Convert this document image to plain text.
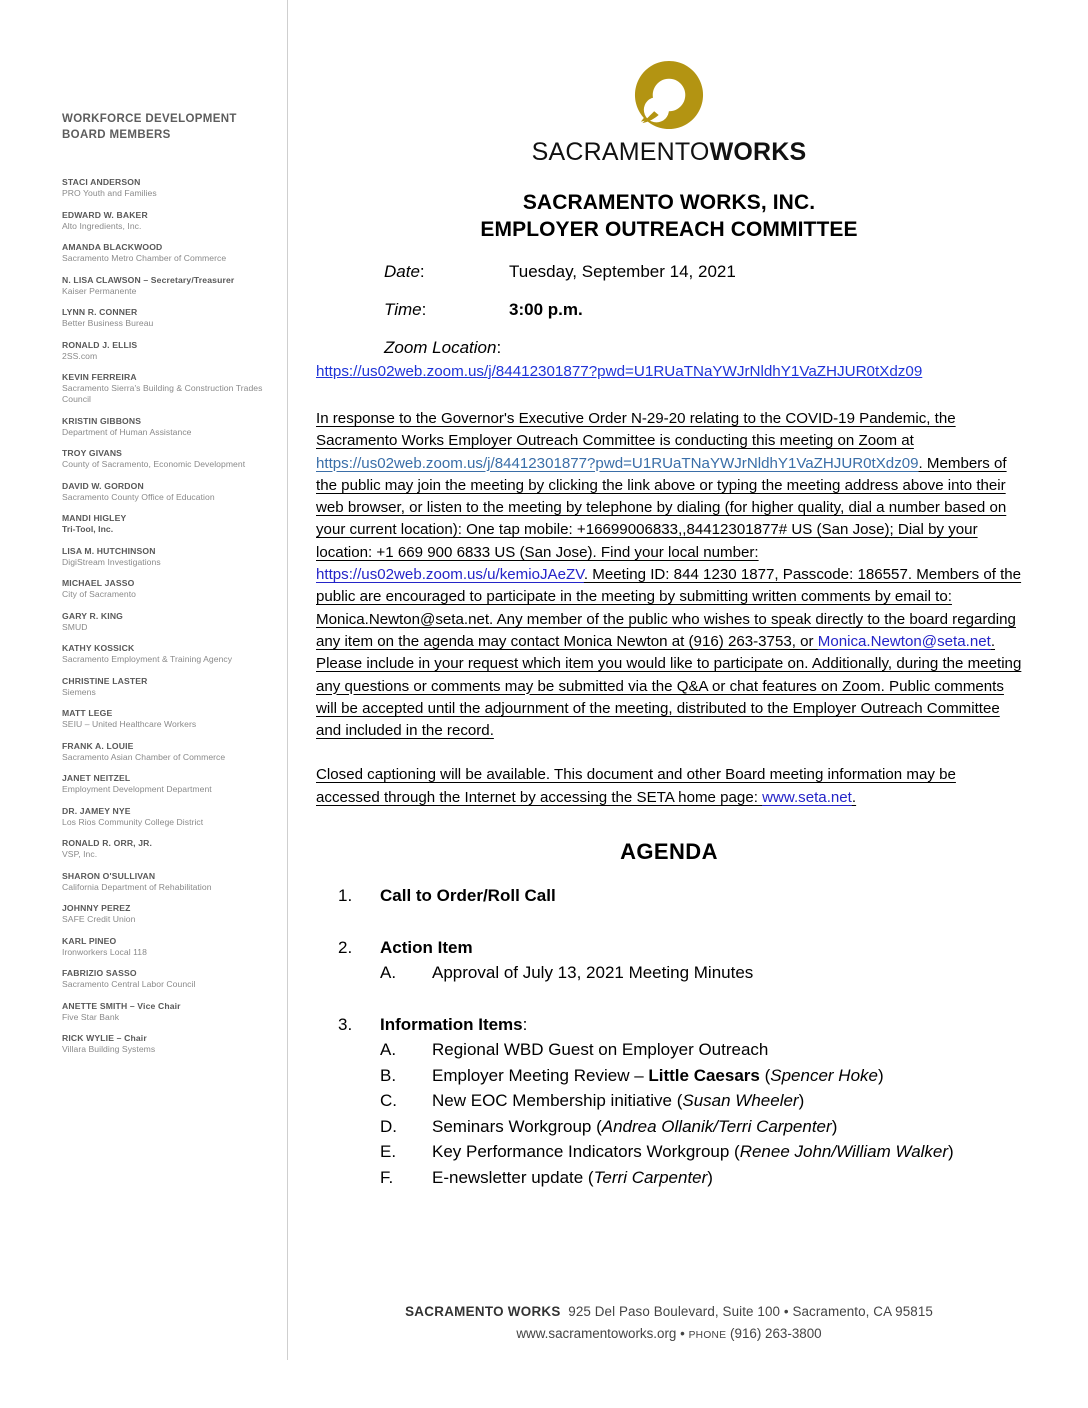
WORKFORCE DEVELOPMENT BOARD MEMBERS
STACI ANDERSON
PRO Youth and Families
EDWARD W. BAKER
Alto Ingredients, Inc.
AMANDA BLACKWOOD
Sacramento Metro Chamber of Commerce
N. LISA CLAWSON – Secretary/Treasurer
Kaiser Permanente
LYNN R. CONNER
Better Business Bureau
RONALD J. ELLIS
2SS.com
KEVIN FERREIRA
Sacramento Sierra's Building & Construction Trades Council
KRISTIN GIBBONS
Department of Human Assistance
TROY GIVANS
County of Sacramento, Economic Development
DAVID W. GORDON
Sacramento County Office of Education
MANDI HIGLEY
Tri-Tool, Inc.
LISA M. HUTCHINSON
DigiStream Investigations
MICHAEL JASSO
City of Sacramento
GARY R. KING
SMUD
KATHY KOSSICK
Sacramento Employment & Training Agency
CHRISTINE LASTER
Siemens
MATT LEGE
SEIU – United Healthcare Workers
FRANK A. LOUIE
Sacramento Asian Chamber of Commerce
JANET NEITZEL
Employment Development Department
DR. JAMEY NYE
Los Rios Community College District
RONALD R. ORR, JR.
VSP, Inc.
SHARON O'SULLIVAN
California Department of Rehabilitation
JOHNNY PEREZ
SAFE Credit Union
KARL PINEO
Ironworkers Local 118
FABRIZIO SASSO
Sacramento Central Labor Council
ANETTE SMITH – Vice Chair
Five Star Bank
RICK WYLIE – Chair
Villara Building Systems
SACRAMENTOWORKS
SACRAMENTO WORKS, INC.
EMPLOYER OUTREACH COMMITTEE
Date:	Tuesday, September 14, 2021
Time:	3:00 p.m.
Zoom Location:
https://us02web.zoom.us/j/84412301877?pwd=U1RUaTNaYWJrNldhY1VaZHJUR0tXdz09
In response to the Governor's Executive Order N-29-20 relating to the COVID-19 Pandemic, the Sacramento Works Employer Outreach Committee is conducting this meeting on Zoom at https://us02web.zoom.us/j/84412301877?pwd=U1RUaTNaYWJrNldhY1VaZHJUR0tXdz09. Members of the public may join the meeting by clicking the link above or typing the meeting address above into their web browser, or listen to the meeting by telephone by dialing (for higher quality, dial a number based on your current location): One tap mobile: +16699006833,,84412301877# US (San Jose); Dial by your location: +1 669 900 6833 US (San Jose). Find your local number: https://us02web.zoom.us/u/kemioJAeZV. Meeting ID: 844 1230 1877, Passcode: 186557. Members of the public are encouraged to participate in the meeting by submitting written comments by email to: Monica.Newton@seta.net. Any member of the public who wishes to speak directly to the board regarding any item on the agenda may contact Monica Newton at (916) 263-3753, or Monica.Newton@seta.net. Please include in your request which item you would like to participate on. Additionally, during the meeting any questions or comments may be submitted via the Q&A or chat features on Zoom. Public comments will be accepted until the adjournment of the meeting, distributed to the Employer Outreach Committee and included in the record.
Closed captioning will be available. This document and other Board meeting information may be accessed through the Internet by accessing the SETA home page: www.seta.net.
AGENDA
1.	Call to Order/Roll Call
2.	Action Item
A.	Approval of July 13, 2021 Meeting Minutes
3.	Information Items:
A.	Regional WBD Guest on Employer Outreach
B.	Employer Meeting Review – Little Caesars (Spencer Hoke)
C.	New EOC Membership initiative (Susan Wheeler)
D.	Seminars Workgroup (Andrea Ollanik/Terri Carpenter)
E.	Key Performance Indicators Workgroup (Renee John/William Walker)
F.	E-newsletter update (Terri Carpenter)
SACRAMENTO WORKS 925 Del Paso Boulevard, Suite 100 • Sacramento, CA 95815
www.sacramentoworks.org • PHONE (916) 263-3800
